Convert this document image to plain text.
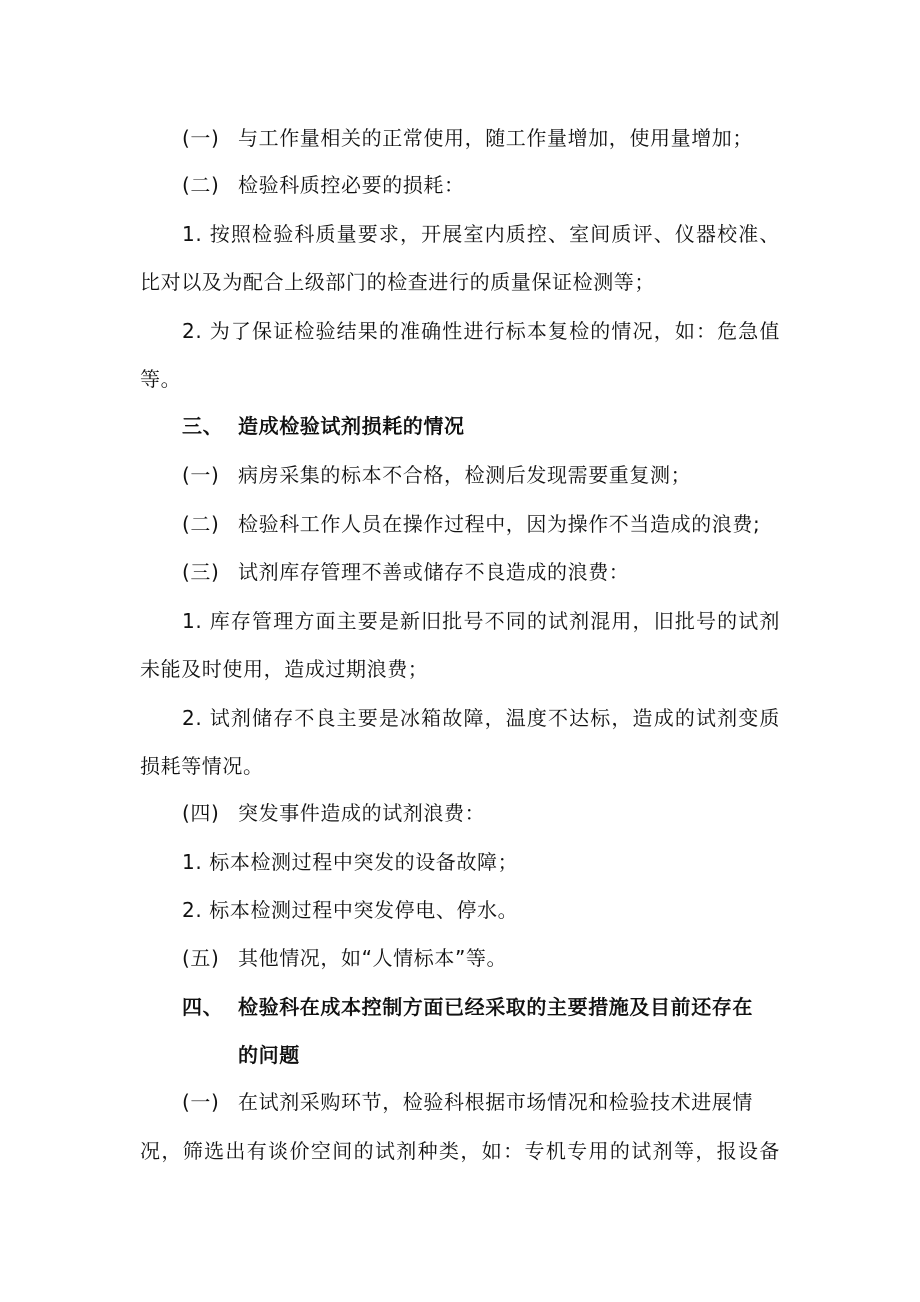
(一) 与工作量相关的正常使用，随工作量增加，使用量增加；
(二) 检验科质控必要的损耗：
1. 按照检验科质量要求，开展室内质控、室间质评、仪器校准、
比对以及为配合上级部门的检查进行的质量保证检测等；
2. 为了保证检验结果的准确性进行标本复检的情况，如：危急值
等。
三、 造成检验试剂损耗的情况
(一) 病房采集的标本不合格，检测后发现需要重复测；
(二) 检验科工作人员在操作过程中，因为操作不当造成的浪费;
(三) 试剂库存管理不善或储存不良造成的浪费：
1. 库存管理方面主要是新旧批号不同的试剂混用，旧批号的试剂
未能及时使用，造成过期浪费；
2. 试剂储存不良主要是冰箱故障，温度不达标，造成的试剂变质
损耗等情况。
(四) 突发事件造成的试剂浪费：
1. 标本检测过程中突发的设备故障；
2. 标本检测过程中突发停电、停水。
(五) 其他情况，如“人情标本”等。
四、 检验科在成本控制方面已经采取的主要措施及目前还存在
的问题
(一) 在试剂采购环节，检验科根据市场情况和检验技术进展情
况，筛选出有谈价空间的试剂种类，如：专机专用的试剂等，报设备
